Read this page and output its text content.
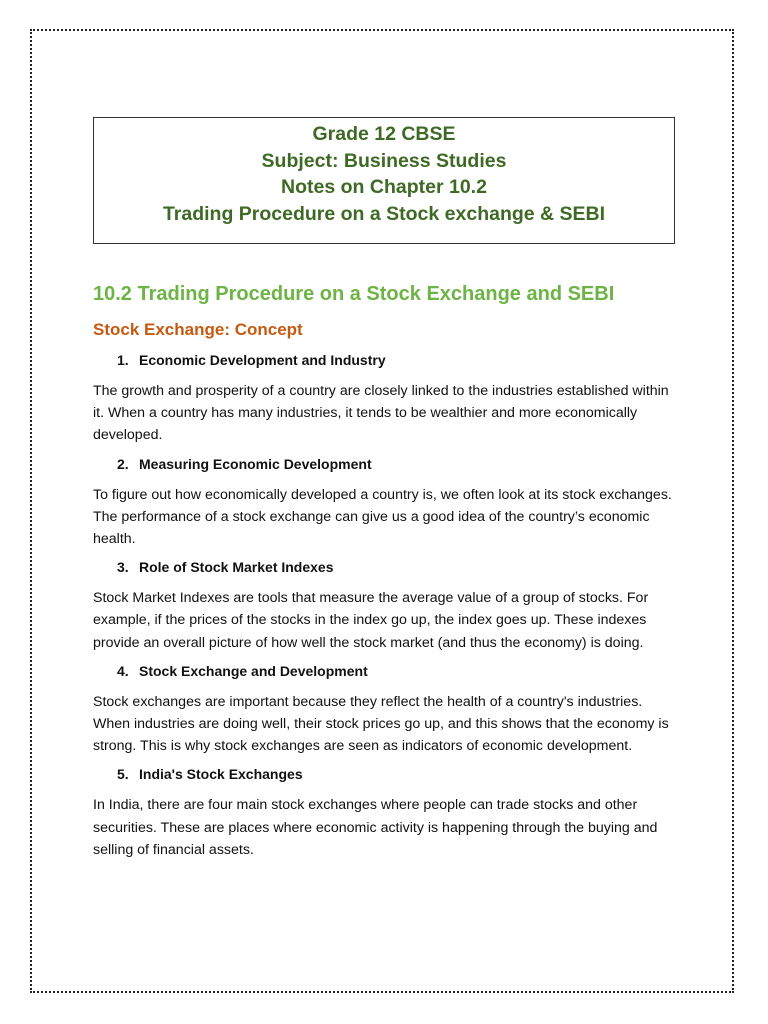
Grade 12 CBSE
Subject: Business Studies
Notes on Chapter 10.2
Trading Procedure on a Stock exchange & SEBI
10.2 Trading Procedure on a Stock Exchange and SEBI
Stock Exchange: Concept
1. Economic Development and Industry

The growth and prosperity of a country are closely linked to the industries established within it. When a country has many industries, it tends to be wealthier and more economically developed.

2. Measuring Economic Development

To figure out how economically developed a country is, we often look at its stock exchanges. The performance of a stock exchange can give us a good idea of the country’s economic health.

3. Role of Stock Market Indexes

Stock Market Indexes are tools that measure the average value of a group of stocks. For example, if the prices of the stocks in the index go up, the index goes up. These indexes provide an overall picture of how well the stock market (and thus the economy) is doing.

4. Stock Exchange and Development

Stock exchanges are important because they reflect the health of a country's industries. When industries are doing well, their stock prices go up, and this shows that the economy is strong. This is why stock exchanges are seen as indicators of economic development.

5. India's Stock Exchanges

In India, there are four main stock exchanges where people can trade stocks and other securities. These are places where economic activity is happening through the buying and selling of financial assets.
